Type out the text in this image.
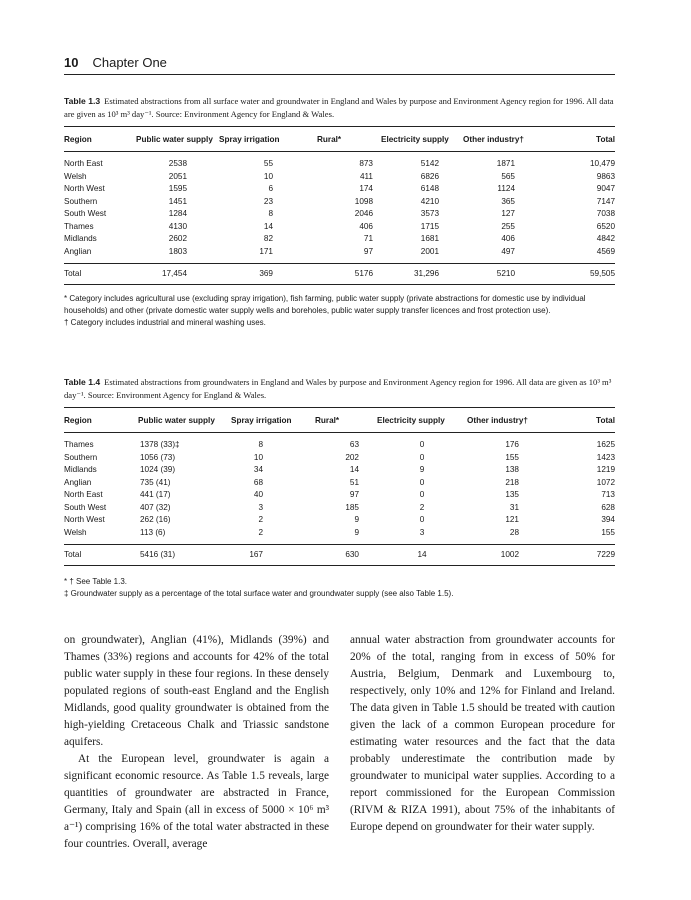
10 Chapter One
Table 1.3 Estimated abstractions from all surface water and groundwater in England and Wales by purpose and Environment Agency region for 1996. All data are given as 10³ m³ day⁻¹. Source: Environment Agency for England & Wales.
Region	Public water supply	Spray irrigation	Rural*	Electricity supply	Other industry†	Total
North East	2538	55	873	5142	1871	10,479
Welsh	2051	10	411	6826	565	9863
North West	1595	6	174	6148	1124	9047
Southern	1451	23	1098	4210	365	7147
South West	1284	8	2046	3573	127	7038
Thames	4130	14	406	1715	255	6520
Midlands	2602	82	71	1681	406	4842
Anglian	1803	171	97	2001	497	4569
Total	17,454	369	5176	31,296	5210	59,505
* Category includes agricultural use (excluding spray irrigation), fish farming, public water supply (private abstractions for domestic use by individual households) and other (private domestic water supply wells and boreholes, public water supply transfer licences and frost protection use).
† Category includes industrial and mineral washing uses.
Table 1.4 Estimated abstractions from groundwaters in England and Wales by purpose and Environment Agency region for 1996. All data are given as 10³ m³ day⁻¹. Source: Environment Agency for England & Wales.
Region	Public water supply	Spray irrigation	Rural*	Electricity supply	Other industry†	Total
Thames	1378 (33)‡	8	63	0	176	1625
Southern	1056 (73)	10	202	0	155	1423
Midlands	1024 (39)	34	14	9	138	1219
Anglian	735 (41)	68	51	0	218	1072
North East	441 (17)	40	97	0	135	713
South West	407 (32)	3	185	2	31	628
North West	262 (16)	2	9	0	121	394
Welsh	113 (6)	2	9	3	28	155
Total	5416 (31)	167	630	14	1002	7229
* † See Table 1.3.
‡ Groundwater supply as a percentage of the total surface water and groundwater supply (see also Table 1.5).

on groundwater), Anglian (41%), Midlands (39%) and Thames (33%) regions and accounts for 42% of the total public water supply in these four regions. In these densely populated regions of south-east England and the English Midlands, good quality groundwater is obtained from the high-yielding Cretaceous Chalk and Triassic sandstone aquifers.

At the European level, groundwater is again a significant economic resource. As Table 1.5 reveals, large quantities of groundwater are abstracted in France, Germany, Italy and Spain (all in excess of 5000 × 10⁶ m³ a⁻¹) comprising 16% of the total water abstracted in these four countries. Overall, average

annual water abstraction from groundwater accounts for 20% of the total, ranging from in excess of 50% for Austria, Belgium, Denmark and Luxembourg to, respectively, only 10% and 12% for Finland and Ireland. The data given in Table 1.5 should be treated with caution given the lack of a common European procedure for estimating water resources and the fact that the data probably underestimate the contribution made by groundwater to municipal water supplies. According to a report commissioned for the European Commission (RIVM & RIZA 1991), about 75% of the inhabitants of Europe depend on groundwater for their water supply.
